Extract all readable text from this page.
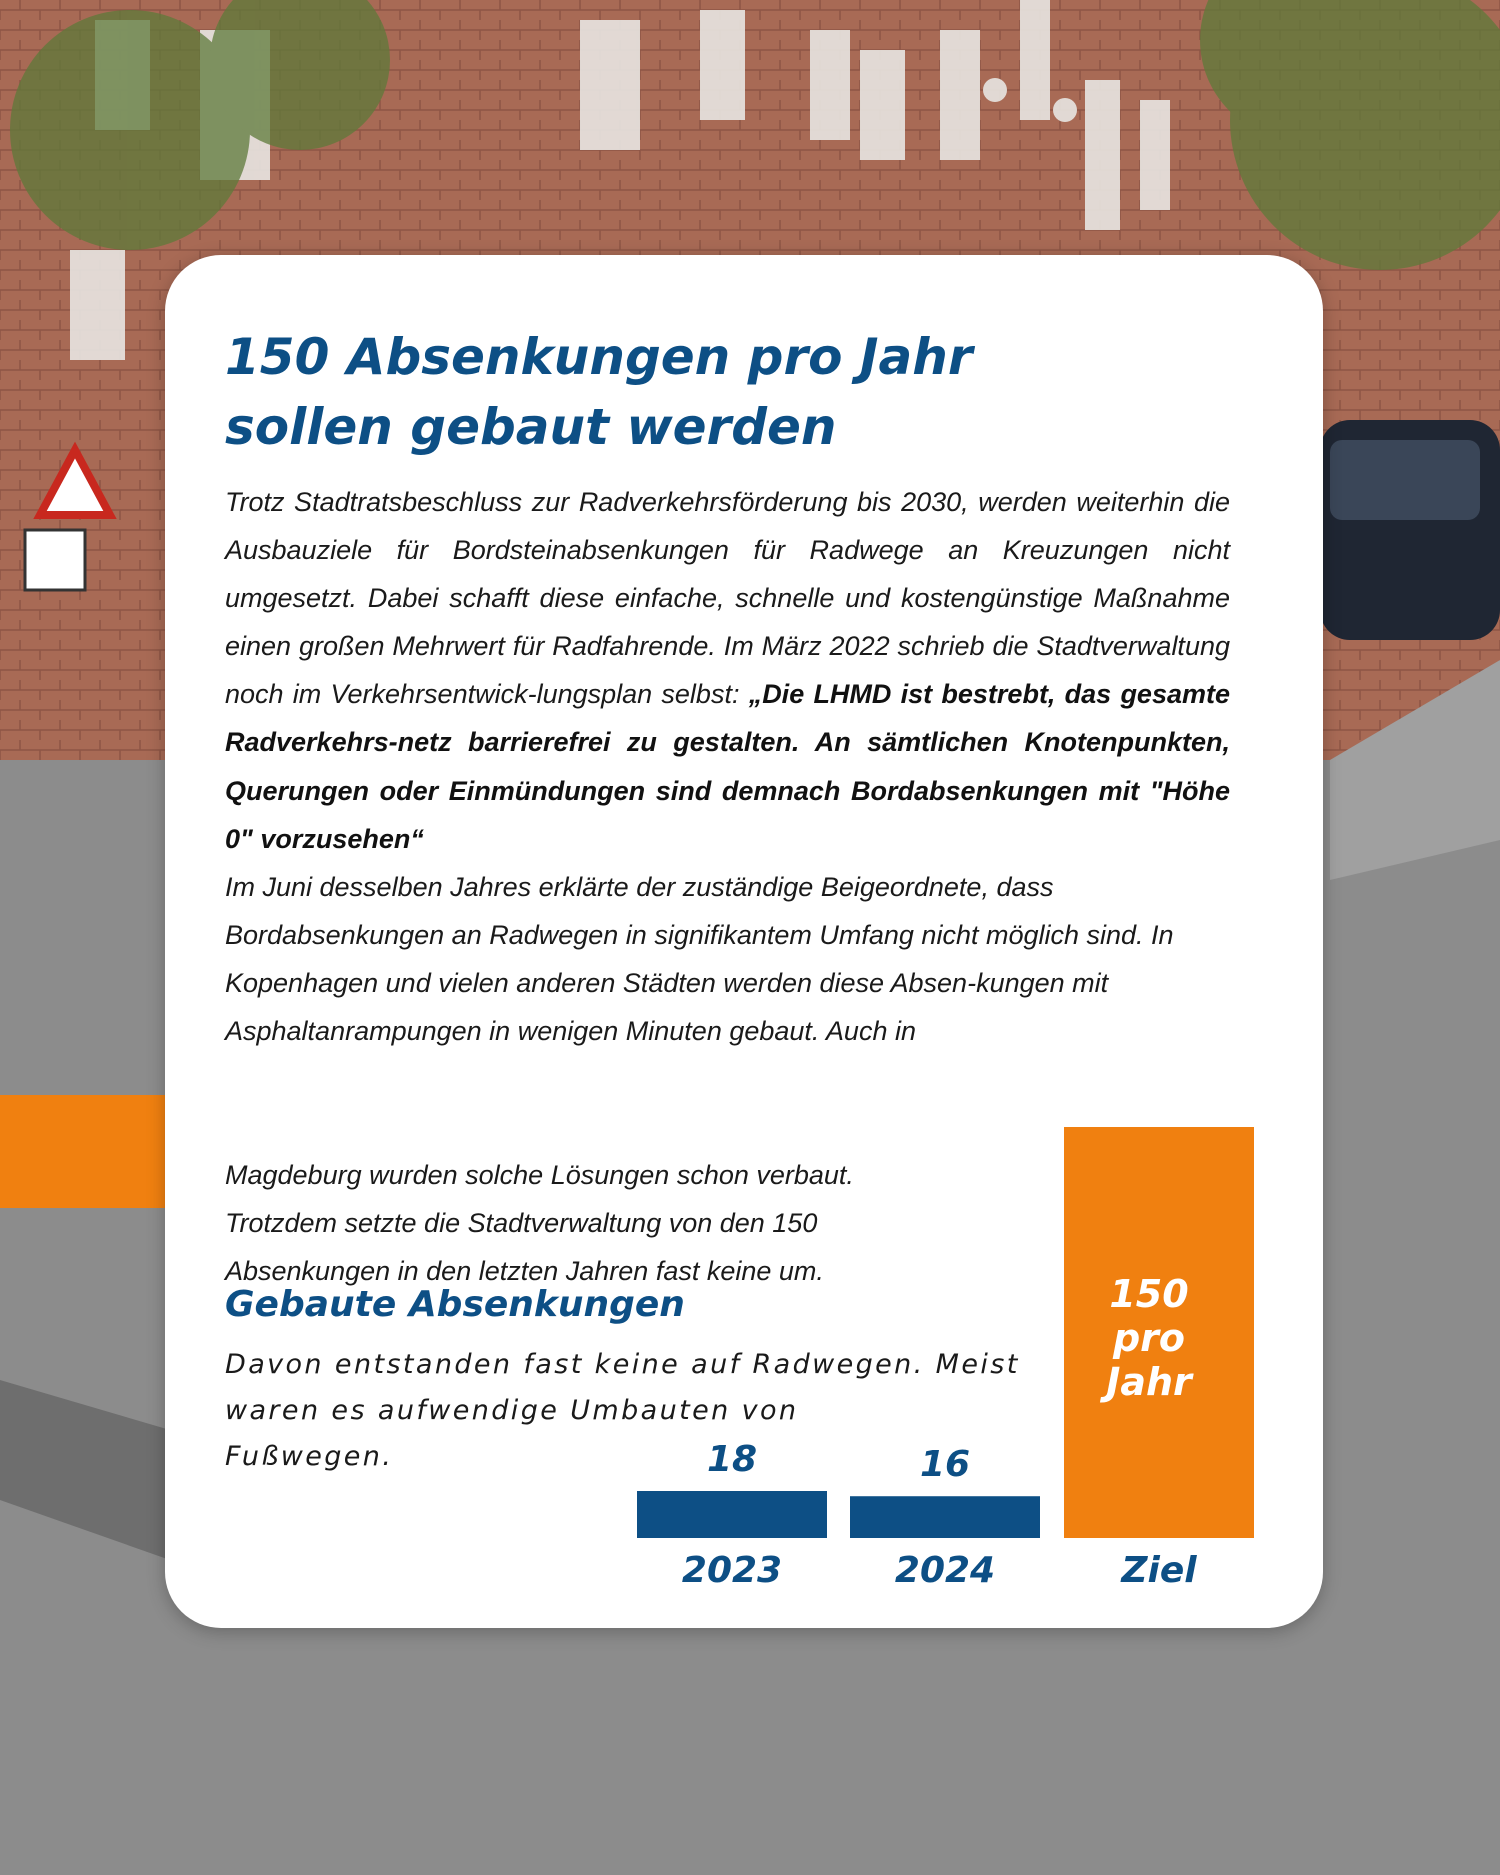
150 Absenkungen pro Jahr
sollen gebaut werden

Trotz Stadtratsbeschluss zur Radverkehrsförderung bis 2030, werden weiterhin die Ausbauziele für Bordsteinabsenkungen für Radwege an Kreuzungen nicht umgesetzt. Dabei schafft diese einfache, schnelle und kostengünstige Maßnahme einen großen Mehrwert für Radfahrende. Im März 2022 schrieb die Stadtverwaltung noch im Verkehrsentwick-lungsplan selbst: „Die LHMD ist bestrebt, das gesamte Radverkehrs-netz barrierefrei zu gestalten. An sämtlichen Knotenpunkten, Querungen oder Einmündungen sind demnach Bordabsenkungen mit "Höhe 0" vorzusehen“

Im Juni desselben Jahres erklärte der zuständige Beigeordnete, dass Bordabsenkungen an Radwegen in signifikantem Umfang nicht möglich sind. In Kopenhagen und vielen anderen Städten werden diese Absen-kungen mit Asphaltanrampungen in wenigen Minuten gebaut. Auch in

Magdeburg wurden solche Lösungen schon verbaut.

Trotzdem setzte die Stadtverwaltung von den 150

Absenkungen in den letzten Jahren fast keine um.

Gebaute Absenkungen
Davon entstanden fast keine auf Radwegen. Meist
waren es aufwendige Umbauten von
Fußwegen.
2023
18
2024
16
Ziel
150
pro
Jahr
